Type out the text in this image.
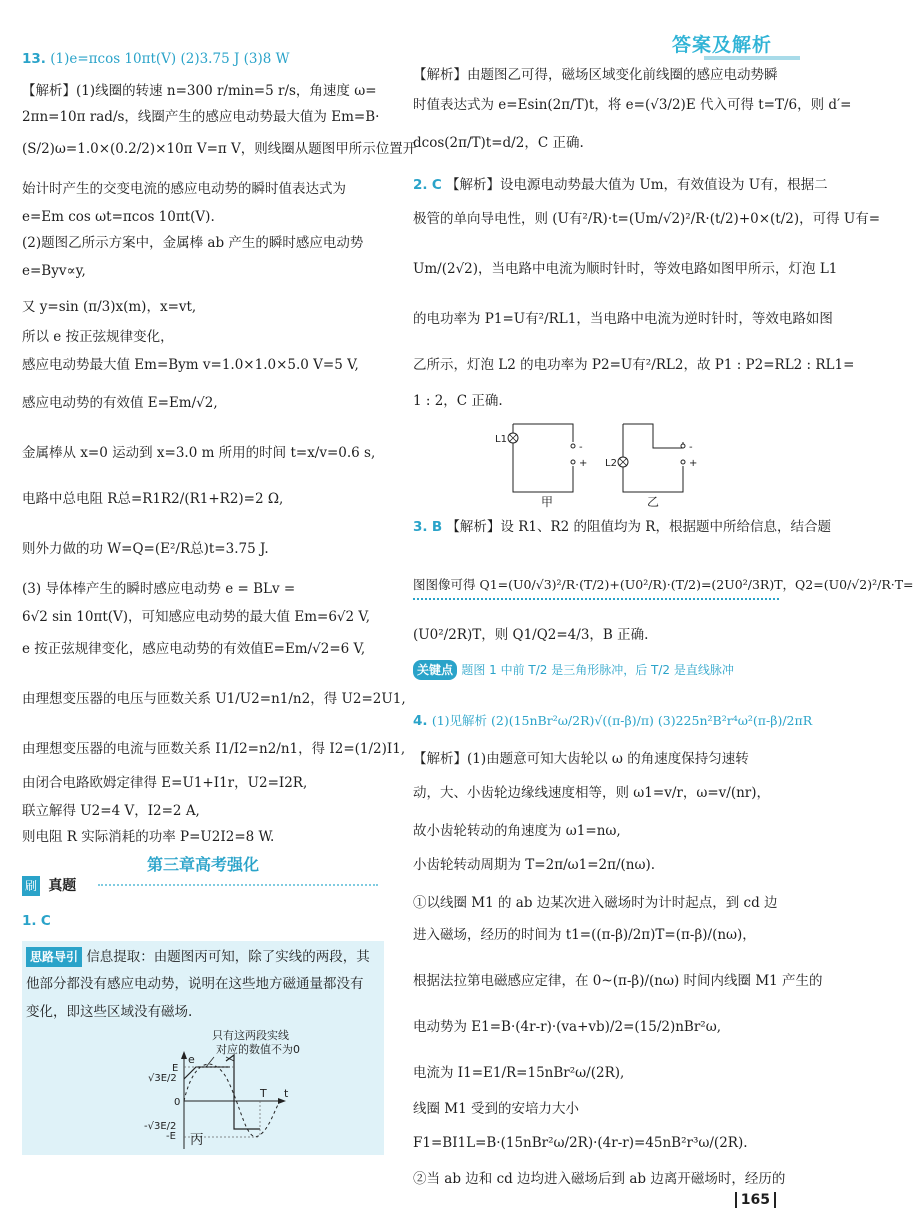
答案及解析
13. (1)e=πcos 10πt(V) (2)3.75 J (3)8 W
【解析】(1)线圈的转速 n=300 r/min=5 r/s，角速度 ω=
2πn=10π rad/s，线圈产生的感应电动势最大值为 Em=B·
(S/2)ω=1.0×(0.2/2)×10π V=π V，则线圈从题图甲所示位置开
始计时产生的交变电流的感应电动势的瞬时值表达式为
e=Em cos ωt=πcos 10πt(V).
(2)题图乙所示方案中，金属棒 ab 产生的瞬时感应电动势
e=Byv∝y,
又 y=sin (π/3)x(m)，x=vt,
所以 e 按正弦规律变化，
感应电动势最大值 Em=Bym v=1.0×1.0×5.0 V=5 V,
感应电动势的有效值 E=Em/√2,
金属棒从 x=0 运动到 x=3.0 m 所用的时间 t=x/v=0.6 s,
电路中总电阻 R总=R1R2/(R1+R2)=2 Ω,
则外力做的功 W=Q=(E²/R总)t=3.75 J.
(3) 导体棒产生的瞬时感应电动势 e = BLv =
6√2 sin 10πt(V)，可知感应电动势的最大值 Em=6√2 V,
e 按正弦规律变化，感应电动势的有效值E=Em/√2=6 V,
由理想变压器的电压与匝数关系 U1/U2=n1/n2，得 U2=2U1,
由理想变压器的电流与匝数关系 I1/I2=n2/n1，得 I2=(1/2)I1,
由闭合电路欧姆定律得 E=U1+I1r，U2=I2R,
联立解得 U2=4 V，I2=2 A,
则电阻 R 实际消耗的功率 P=U2I2=8 W.
第三章高考强化
刷 真题
1. C
思路导引 信息提取：由题图丙可知，除了实线的两段，其
他部分都没有感应电动势，说明在这些地方磁通量都没有
变化，即这些区域没有磁场.
只有这两段实线
对应的数值不为0
e
t
T
E
√3E/2
0
-√3E/2
-E 丙
【解析】由题图乙可得，磁场区域变化前线圈的感应电动势瞬
时值表达式为 e=Esin(2π/T)t，将 e=(√3/2)E 代入可得 t=T/6，则 d′=
dcos(2π/T)t=d/2，C 正确.
2. C 【解析】设电源电动势最大值为 Um，有效值设为 U有，根据二
极管的单向导电性，则 (U有²/R)·t=(Um/√2)²/R·(t/2)+0×(t/2)，可得 U有=
Um/(2√2)，当电路中电流为顺时针时，等效电路如图甲所示，灯泡 L1
的电功率为 P1=U有²/RL1，当电路中电流为逆时针时，等效电路如图
乙所示，灯泡 L2 的电功率为 P2=U有²/RL2，故 P1 : P2=RL2 : RL1=
1 : 2，C 正确.
L1
-
+
甲
L2
-
+
乙
3. B 【解析】设 R1、R2 的阻值均为 R，根据题中所给信息，结合题
图图像可得 Q1=(U0/√3)²/R·(T/2)+(U0²/R)·(T/2)=(2U0²/3R)T，Q2=(U0/√2)²/R·T=
(U0²/2R)T，则 Q1/Q2=4/3，B 正确.
关键点 题图 1 中前 T/2 是三角形脉冲，后 T/2 是直线脉冲
4. (1)见解析 (2)(15nBr²ω/2R)√((π-β)/π) (3)225n²B²r⁴ω²(π-β)/2πR
【解析】(1)由题意可知大齿轮以 ω 的角速度保持匀速转
动，大、小齿轮边缘线速度相等，则 ω1=v/r，ω=v/(nr)，
故小齿轮转动的角速度为 ω1=nω,
小齿轮转动周期为 T=2π/ω1=2π/(nω).
①以线圈 M1 的 ab 边某次进入磁场时为计时起点，到 cd 边
进入磁场，经历的时间为 t1=((π-β)/2π)T=(π-β)/(nω)，
根据法拉第电磁感应定律，在 0~(π-β)/(nω) 时间内线圈 M1 产生的
电动势为 E1=B·(4r-r)·(va+vb)/2=(15/2)nBr²ω,
电流为 I1=E1/R=15nBr²ω/(2R),
线圈 M1 受到的安培力大小
F1=BI1L=B·(15nBr²ω/2R)·(4r-r)=45nB²r³ω/(2R).
②当 ab 边和 cd 边均进入磁场后到 ab 边离开磁场时，经历的
165
